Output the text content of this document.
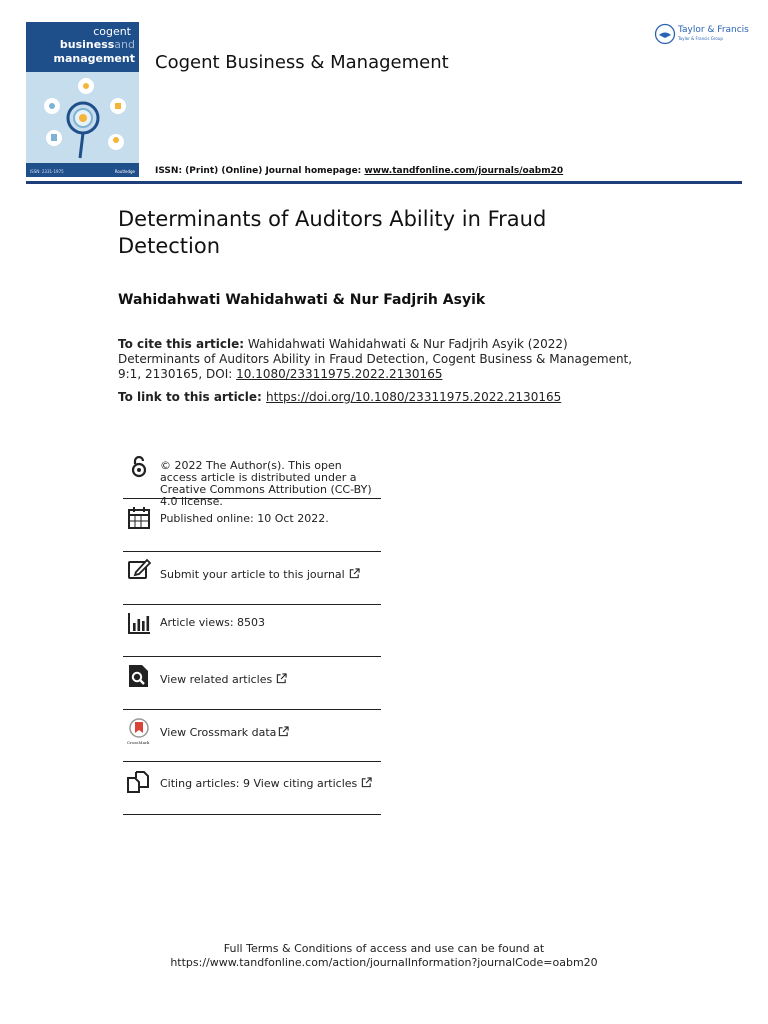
cogent
businessand
management
ISSN: 2331-1975	Routledge
Cogent Business & Management
Taylor & Francis
Taylor & Francis Group
ISSN: (Print) (Online) Journal homepage: www.tandfonline.com/journals/oabm20
Determinants of Auditors Ability in Fraud Detection
Wahidahwati Wahidahwati & Nur Fadjrih Asyik
To cite this article: Wahidahwati Wahidahwati & Nur Fadjrih Asyik (2022) Determinants of Auditors Ability in Fraud Detection, Cogent Business & Management, 9:1, 2130165, DOI: 10.1080/23311975.2022.2130165
To link to this article: https://doi.org/10.1080/23311975.2022.2130165
© 2022 The Author(s). This open access article is distributed under a Creative Commons Attribution (CC-BY) 4.0 license.
Published online: 10 Oct 2022.
Submit your article to this journal
Article views: 8503
View related articles
CrossMark
View Crossmark data
Citing articles: 9 View citing articles
Full Terms & Conditions of access and use can be found at
https://www.tandfonline.com/action/journalInformation?journalCode=oabm20
